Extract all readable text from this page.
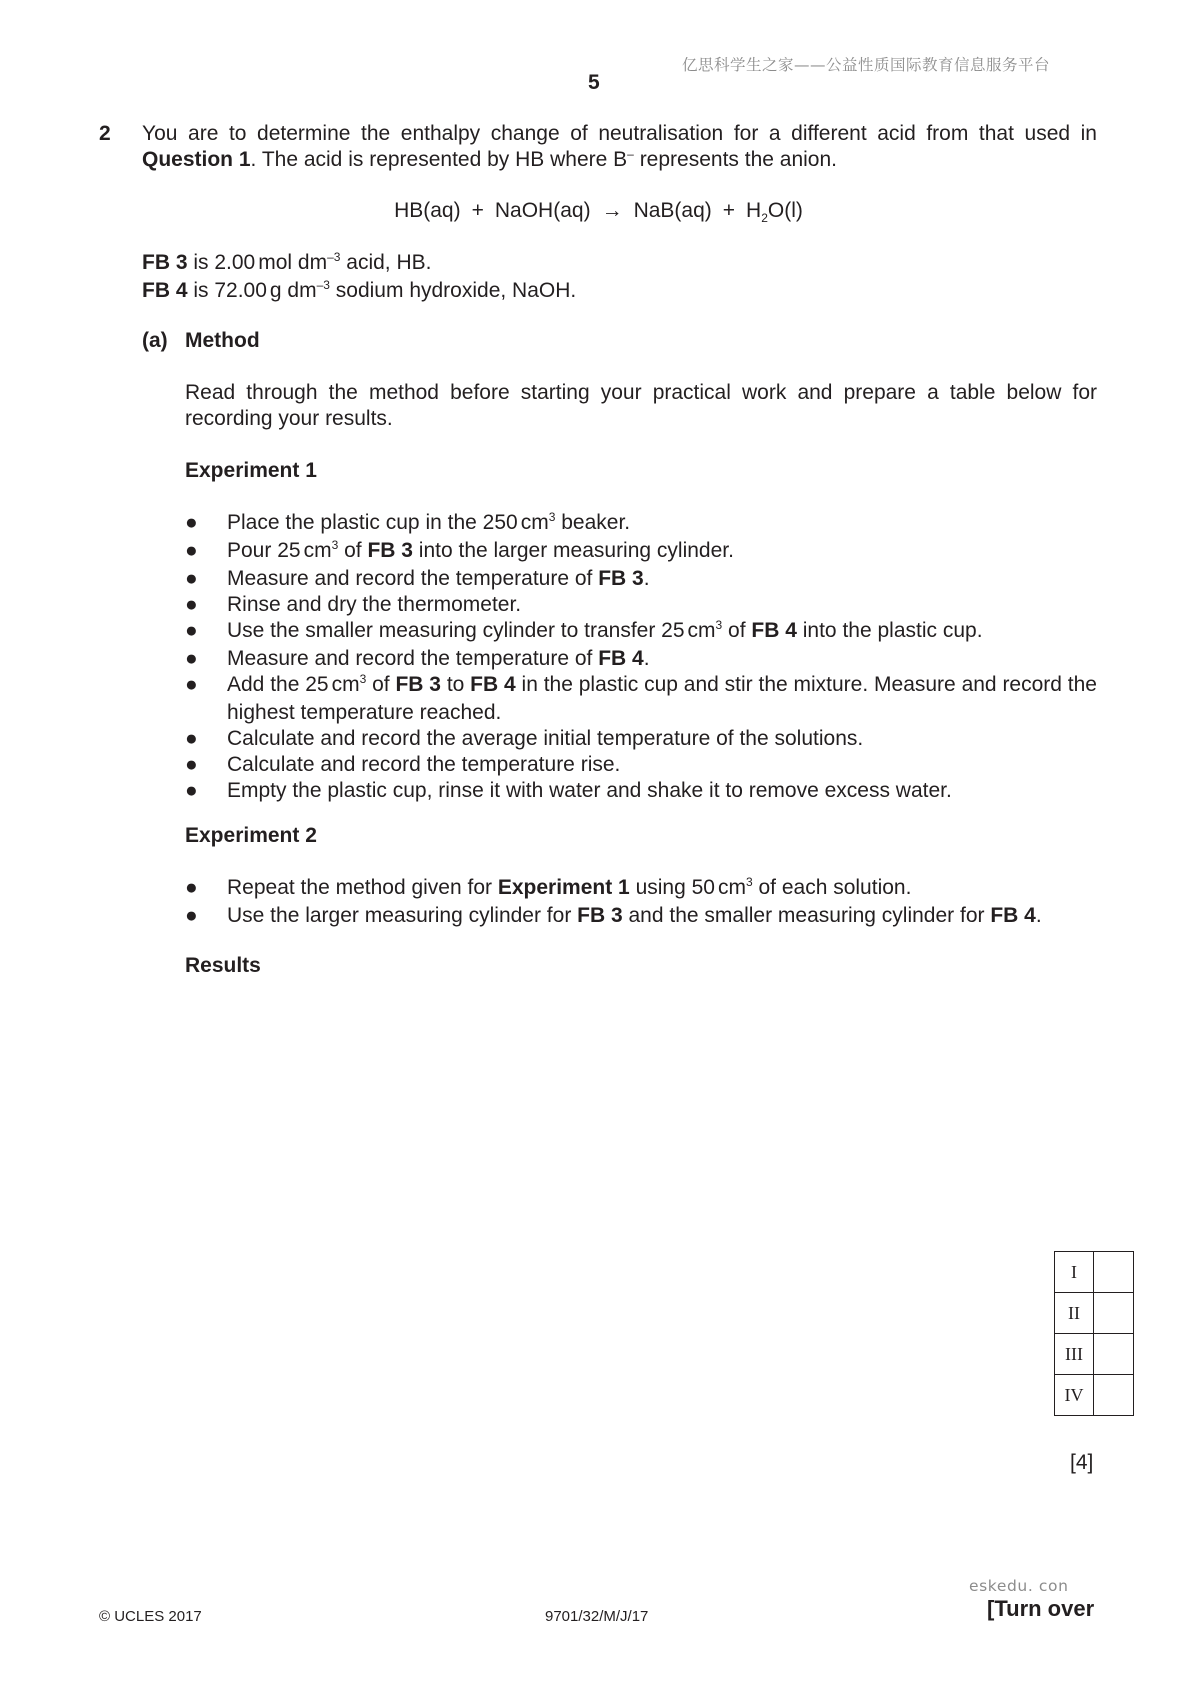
亿思科学生之家——公益性质国际教育信息服务平台
5
2 You are to determine the enthalpy change of neutralisation for a different acid from that used in Question 1. The acid is represented by HB where B– represents the anion.
HB(aq) + NaOH(aq) → $NaB(aq) + H_2O(l)$
FB 3 is 2.00 mol $dm^{-3}$ acid, HB.
FB 4 is 72.00 g $dm^{-3}$ sodium hydroxide, NaOH.
(a) Method
Read through the method before starting your practical work and prepare a table below for recording your results.
Experiment 1
● Place the plastic cup in the 250 $cm^3$ beaker.
● Pour 25 $cm^3$ of FB 3 into the larger measuring cylinder.
● Measure and record the temperature of FB 3.
● Rinse and dry the thermometer.
● Use the smaller measuring cylinder to transfer 25 $cm^3$ of FB 4 into the plastic cup.
● Measure and record the temperature of FB 4.
● Add the 25 $cm^3$ of FB 3 to FB 4 in the plastic cup and stir the mixture. Measure and record the highest temperature reached.
● Calculate and record the average initial temperature of the solutions.
● Calculate and record the temperature rise.
● Empty the plastic cup, rinse it with water and shake it to remove excess water.
Experiment 2
● Repeat the method given for Experiment 1 using 50 $cm^3$ of each solution.
● Use the larger measuring cylinder for FB 3 and the smaller measuring cylinder for FB 4.
Results
I	
II	
III	
IV	
[4]
eskedu. con
© UCLES 2017	9701/32/M/J/17	[Turn over
